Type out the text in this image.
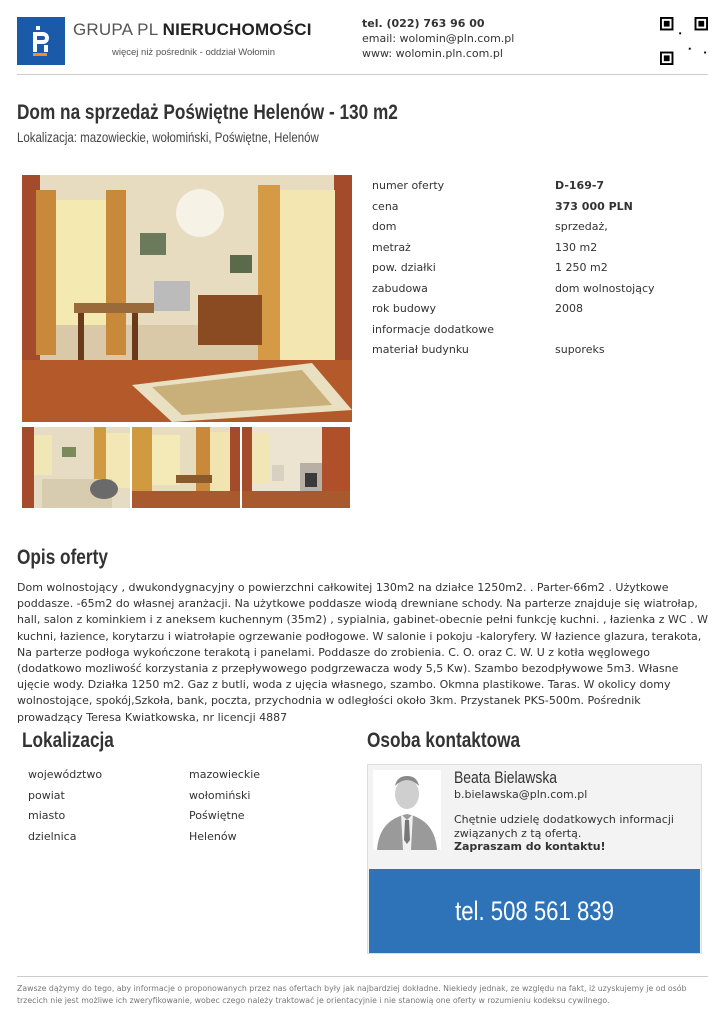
GRUPA PL NIERUCHOMOŚCI
więcej niż pośrednik - oddział Wołomin
tel. (022) 763 96 00
email: wolomin@pln.com.pl
www: wolomin.pln.com.pl
Dom na sprzedaż Poświętne Helenów - 130 m2
Lokalizacja: mazowieckie, wołomiński, Poświętne, Helenów
numer oferty	D-169-7
cena	373 000 PLN
dom	sprzedaż,
metraż	130 m2
pow. działki	1 250 m2
zabudowa	dom wolnostojący
rok budowy	2008
informacje dodatkowe
materiał budynku	suporeks
Opis oferty

Dom wolnostojący , dwukondygnacyjny o powierzchni całkowitej 130m2 na działce 1250m2. . Parter-66m2 . Użytkowe poddasze. -65m2 do własnej aranżacji. Na użytkowe poddasze wiodą drewniane schody. Na parterze znajduje się wiatrołap, hall, salon z kominkiem i z aneksem kuchennym (35m2) , sypialnia, gabinet-obecnie pełni funkcję kuchni. , łazienka z WC . W kuchni, łazience, korytarzu i wiatrołapie ogrzewanie podłogowe. W salonie i pokoju -kaloryfery. W łazience glazura, terakota, Na parterze podłoga wykończone terakotą i panelami. Poddasze do zrobienia. C. O. oraz C. W. U z kotła węglowego (dodatkowo mozliwość korzystania z przepływowego podgrzewacza wody 5,5 Kw). Szambo bezodpływowe 5m3. Własne ujęcie wody. Działka 1250 m2. Gaz z butli, woda z ujęcia własnego, szambo. Okmna plastikowe. Taras. W okolicy domy wolnostojące, spokój,Szkoła, bank, poczta, przychodnia w odległości około 3km. Przystanek PKS-500m. Pośrednik prowadzący Teresa Kwiatkowska, nr licencji 4887

Lokalizacja
województwo	mazowieckie
powiat	wołomiński
miasto	Poświętne
dzielnica	Helenów
Osoba kontaktowa
Beata Bielawska
b.bielawska@pln.com.pl
Chętnie udzielę dodatkowych informacji związanych z tą ofertą.
Zapraszam do kontaktu!
tel. 508 561 839

Zawsze dążymy do tego, aby informacje o proponowanych przez nas ofertach były jak najbardziej dokładne. Niekiedy jednak, ze względu na fakt, iż uzyskujemy je od osób trzecich nie jest możliwe ich zweryfikowanie, wobec czego należy traktować je orientacyjnie i nie stanowią one oferty w rozumieniu kodeksu cywilnego.
